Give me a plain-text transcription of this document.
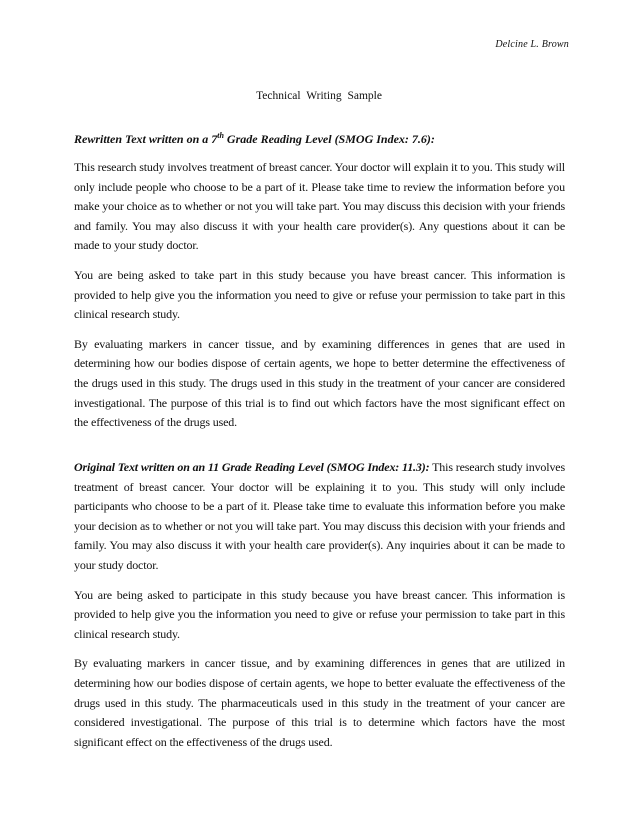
Delcine L. Brown
Technical Writing Sample

Rewritten Text written on a 7th Grade Reading Level (SMOG Index: 7.6):

This research study involves treatment of breast cancer. Your doctor will explain it to you. This study will only include people who choose to be a part of it. Please take time to review the information before you make your choice as to whether or not you will take part. You may discuss this decision with your friends and family. You may also discuss it with your health care provider(s). Any questions about it can be made to your study doctor.

You are being asked to take part in this study because you have breast cancer. This information is provided to help give you the information you need to give or refuse your permission to take part in this clinical research study.

By evaluating markers in cancer tissue, and by examining differences in genes that are used in determining how our bodies dispose of certain agents, we hope to better determine the effectiveness of the drugs used in this study. The drugs used in this study in the treatment of your cancer are considered investigational. The purpose of this trial is to find out which factors have the most significant effect on the effectiveness of the drugs used.

Original Text written on an 11 Grade Reading Level (SMOG Index: 11.3): This research study involves treatment of breast cancer. Your doctor will be explaining it to you. This study will only include participants who choose to be a part of it. Please take time to evaluate this information before you make your decision as to whether or not you will take part. You may discuss this decision with your friends and family. You may also discuss it with your health care provider(s). Any inquiries about it can be made to your study doctor.

You are being asked to participate in this study because you have breast cancer. This information is provided to help give you the information you need to give or refuse your permission to take part in this clinical research study.

By evaluating markers in cancer tissue, and by examining differences in genes that are utilized in determining how our bodies dispose of certain agents, we hope to better evaluate the effectiveness of the drugs used in this study. The pharmaceuticals used in this study in the treatment of your cancer are considered investigational. The purpose of this trial is to determine which factors have the most significant effect on the effectiveness of the drugs used.
